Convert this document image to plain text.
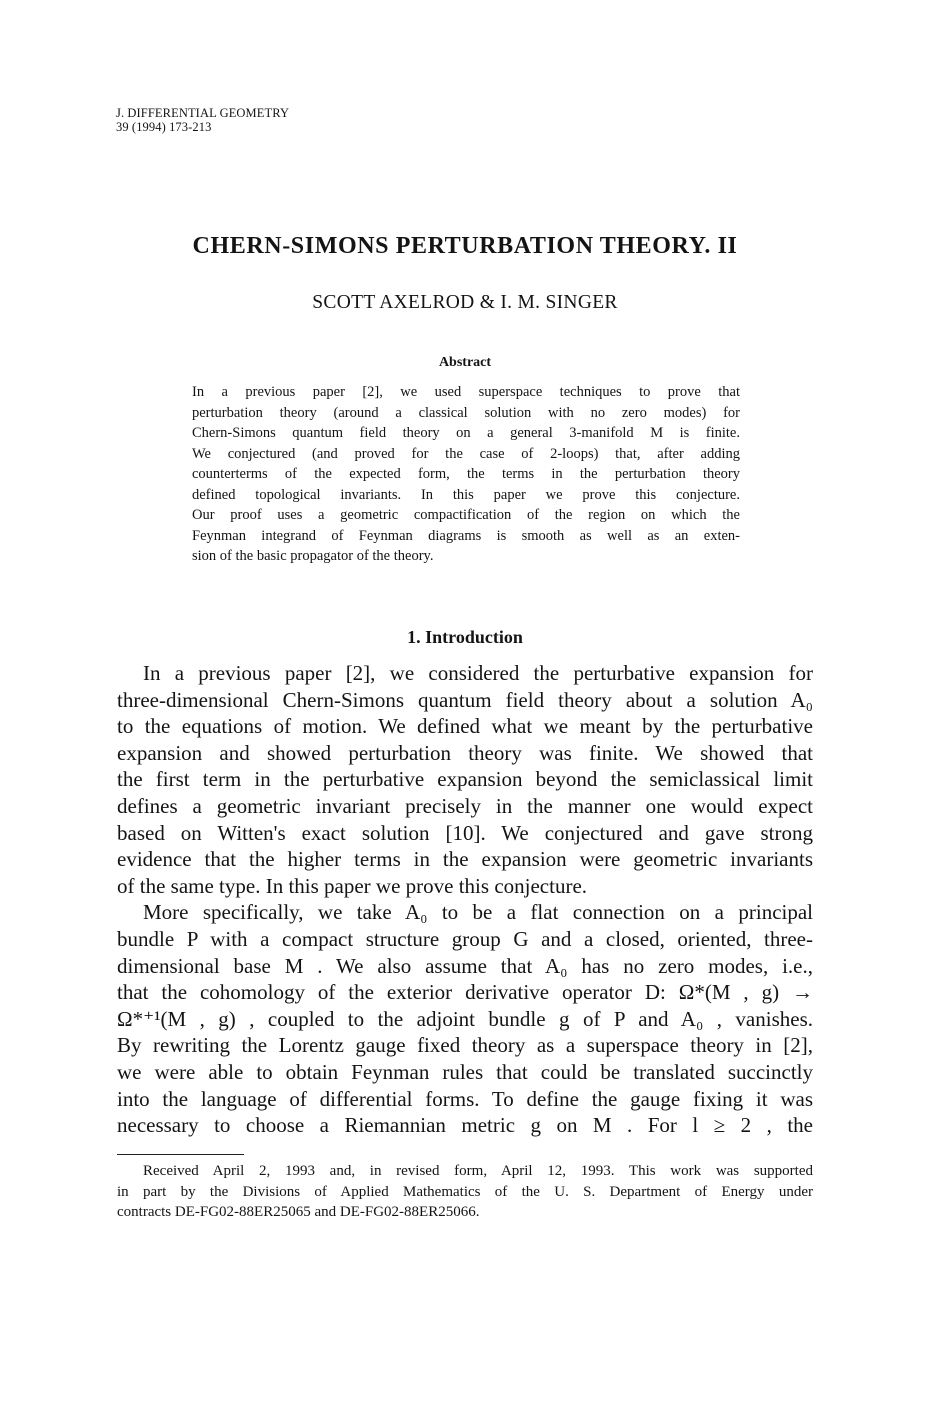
J. DIFFERENTIAL GEOMETRY
39 (1994) 173-213
CHERN-SIMONS PERTURBATION THEORY. II
SCOTT AXELROD & I. M. SINGER
Abstract
In a previous paper [2], we used superspace techniques to prove that
perturbation theory (around a classical solution with no zero modes) for
Chern-Simons quantum field theory on a general 3-manifold M is finite.
We conjectured (and proved for the case of 2-loops) that, after adding
counterterms of the expected form, the terms in the perturbation theory
defined topological invariants. In this paper we prove this conjecture.
Our proof uses a geometric compactification of the region on which the
Feynman integrand of Feynman diagrams is smooth as well as an exten-
sion of the basic propagator of the theory.
1. Introduction
In a previous paper [2], we considered the perturbative expansion for
three-dimensional Chern-Simons quantum field theory about a solution A₀
to the equations of motion. We defined what we meant by the perturbative
expansion and showed perturbation theory was finite. We showed that
the first term in the perturbative expansion beyond the semiclassical limit
defines a geometric invariant precisely in the manner one would expect
based on Witten's exact solution [10]. We conjectured and gave strong
evidence that the higher terms in the expansion were geometric invariants
of the same type. In this paper we prove this conjecture.
More specifically, we take A₀ to be a flat connection on a principal
bundle P with a compact structure group G and a closed, oriented, three-
dimensional base M . We also assume that A₀ has no zero modes, i.e.,
that the cohomology of the exterior derivative operator D: Ω*(M , g) →
Ω*⁺¹(M , g) , coupled to the adjoint bundle g of P and A₀ , vanishes.
By rewriting the Lorentz gauge fixed theory as a superspace theory in [2],
we were able to obtain Feynman rules that could be translated succinctly
into the language of differential forms. To define the gauge fixing it was
necessary to choose a Riemannian metric g on M . For l ≥ 2 , the
Received April 2, 1993 and, in revised form, April 12, 1993. This work was supported
in part by the Divisions of Applied Mathematics of the U. S. Department of Energy under
contracts DE-FG02-88ER25065 and DE-FG02-88ER25066.
